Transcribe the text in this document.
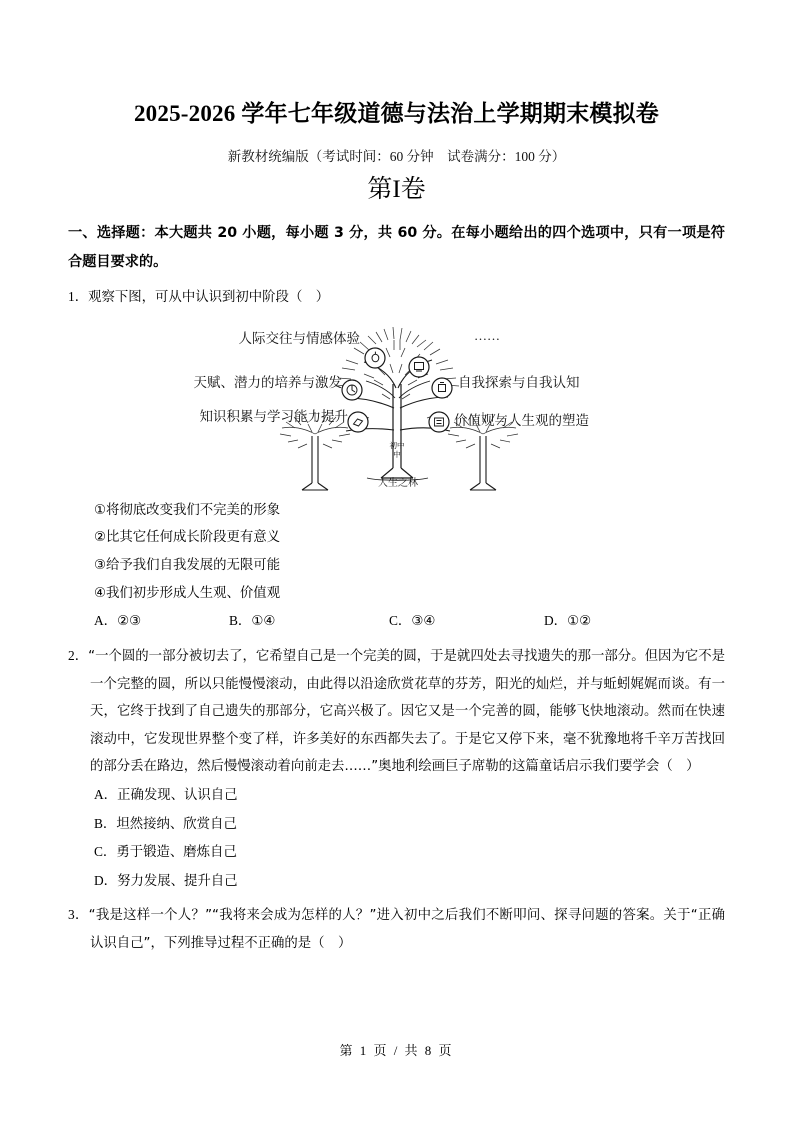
2025-2026 学年七年级道德与法治上学期期末模拟卷
新教材统编版（考试时间：60 分钟　试卷满分：100 分）
第I卷
一、选择题：本大题共 20 小题，每小题 3 分，共 60 分。在每小题给出的四个选项中，只有一项是符合题目要求的。
1．观察下图，可从中认识到初中阶段（　）
初中
中
人生之林
……
人际交往与情感体验
天赋、潜力的培养与激发
知识积累与学习能力提升
自我探索与自我认知
价值观与人生观的塑造
①将彻底改变我们不完美的形象
②比其它任何成长阶段更有意义
③给予我们自我发展的无限可能
④我们初步形成人生观、价值观
A．②③	B．①④	C．③④	D．①②
2．“一个圆的一部分被切去了，它希望自己是一个完美的圆，于是就四处去寻找遗失的那一部分。但因为它不是一个完整的圆，所以只能慢慢滚动，由此得以沿途欣赏花草的芬芳，阳光的灿烂，并与蚯蚓娓娓而谈。有一天，它终于找到了自己遗失的那部分，它高兴极了。因它又是一个完善的圆，能够飞快地滚动。然而在快速滚动中，它发现世界整个变了样，许多美好的东西都失去了。于是它又停下来，毫不犹豫地将千辛万苦找回的部分丢在路边，然后慢慢滚动着向前走去……”奥地利绘画巨子席勒的这篇童话启示我们要学会（　）
A．正确发现、认识自己
B．坦然接纳、欣赏自己
C．勇于锻造、磨炼自己
D．努力发展、提升自己
3．“我是这样一个人？”“我将来会成为怎样的人？”进入初中之后我们不断叩问、探寻问题的答案。关于“正确认识自己”，下列推导过程不正确的是（　）
第 1 页 / 共 8 页
